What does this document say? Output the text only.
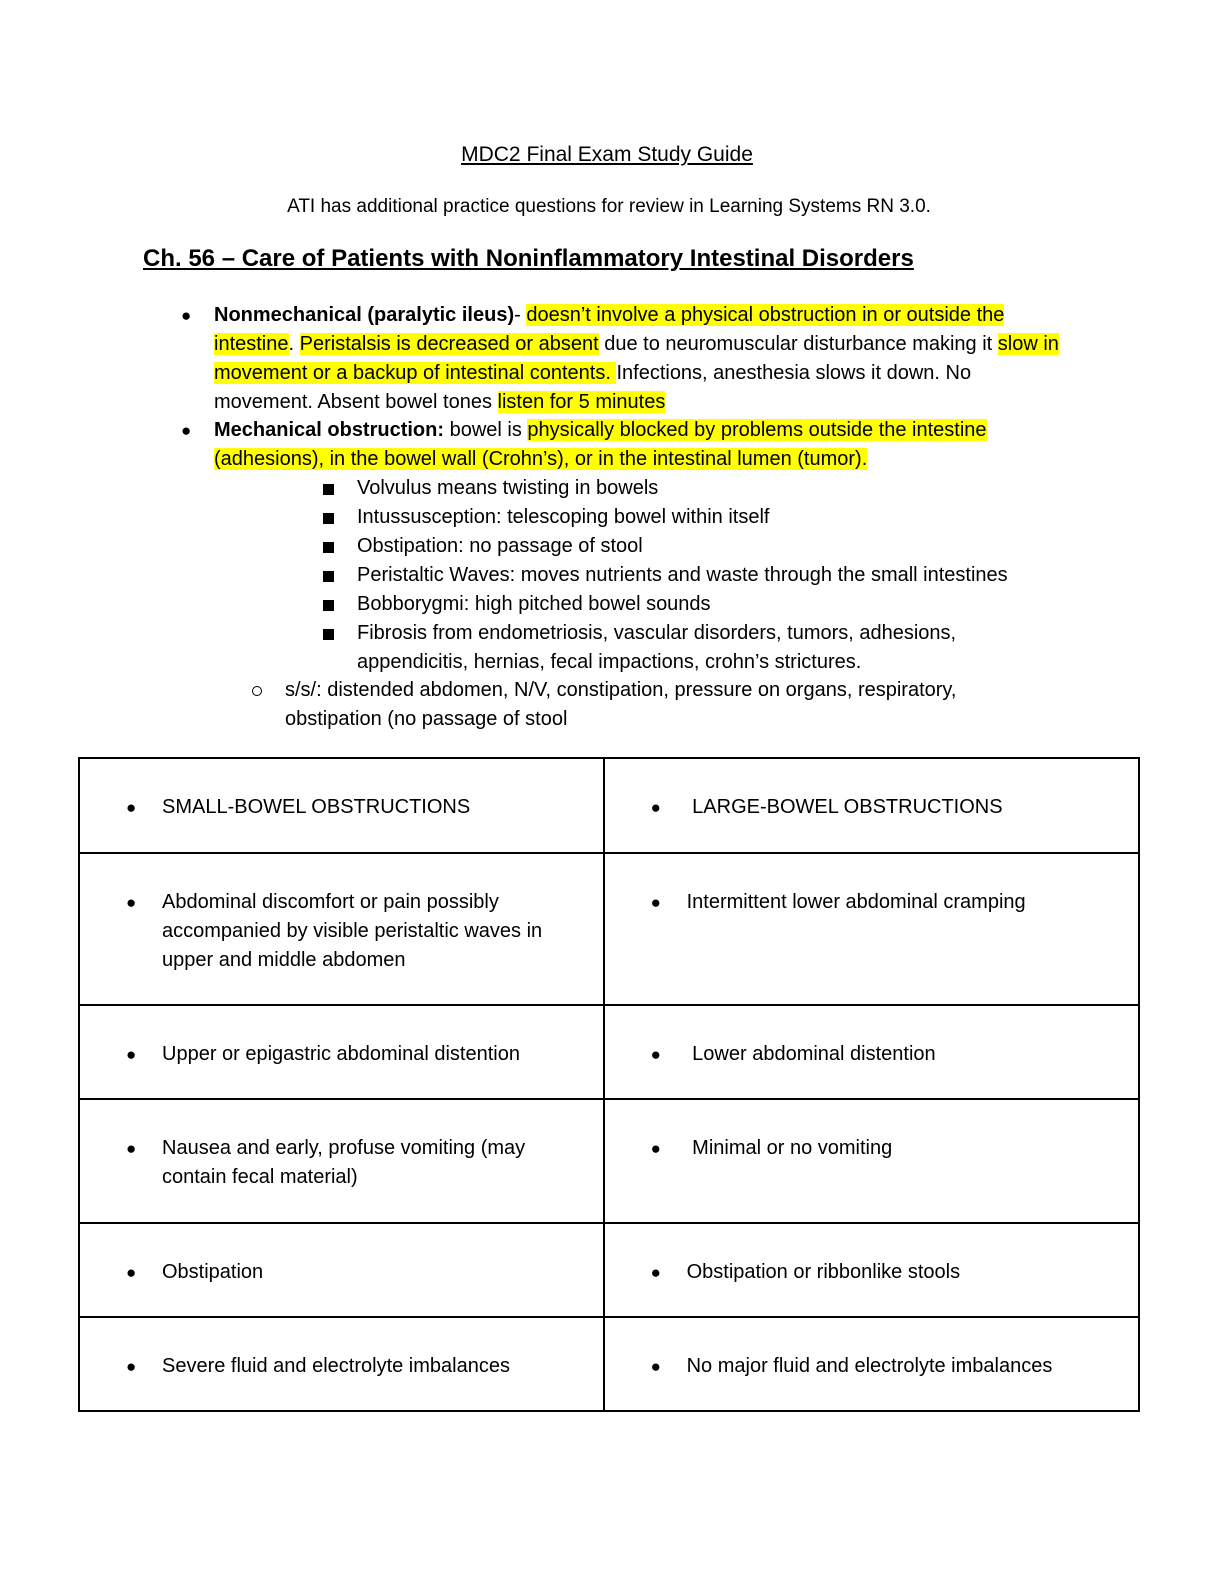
MDC2 Final Exam Study Guide
ATI has additional practice questions for review in Learning Systems RN 3.0.
Ch. 56 – Care of Patients with Noninflammatory Intestinal Disorders
● Nonmechanical (paralytic ileus)- doesn’t involve a physical obstruction in or outside the intestine. Peristalsis is decreased or absent due to neuromuscular disturbance making it slow in movement or a backup of intestinal contents. Infections, anesthesia slows it down. No movement. Absent bowel tones listen for 5 minutes
● Mechanical obstruction: bowel is physically blocked by problems outside the intestine (adhesions), in the bowel wall (Crohn’s), or in the intestinal lumen (tumor).
Volvulus means twisting in bowels
Intussusception: telescoping bowel within itself
Obstipation: no passage of stool
Peristaltic Waves: moves nutrients and waste through the small intestines
Bobborygmi: high pitched bowel sounds
Fibrosis from endometriosis, vascular disorders, tumors, adhesions, appendicitis, hernias, fecal impactions, crohn’s strictures.
s/s/: distended abdomen, N/V, constipation, pressure on organs, respiratory, obstipation (no passage of stool
● SMALL-BOWEL OBSTRUCTIONS	● LARGE-BOWEL OBSTRUCTIONS

● Abdominal discomfort or pain possibly accompanied by visible peristaltic waves in upper and middle abdomen	● Intermittent lower abdominal cramping

● Upper or epigastric abdominal distention	● Lower abdominal distention

● Nausea and early, profuse vomiting (may contain fecal material)	● Minimal or no vomiting

● Obstipation	● Obstipation or ribbonlike stools

● Severe fluid and electrolyte imbalances	● No major fluid and electrolyte imbalances
